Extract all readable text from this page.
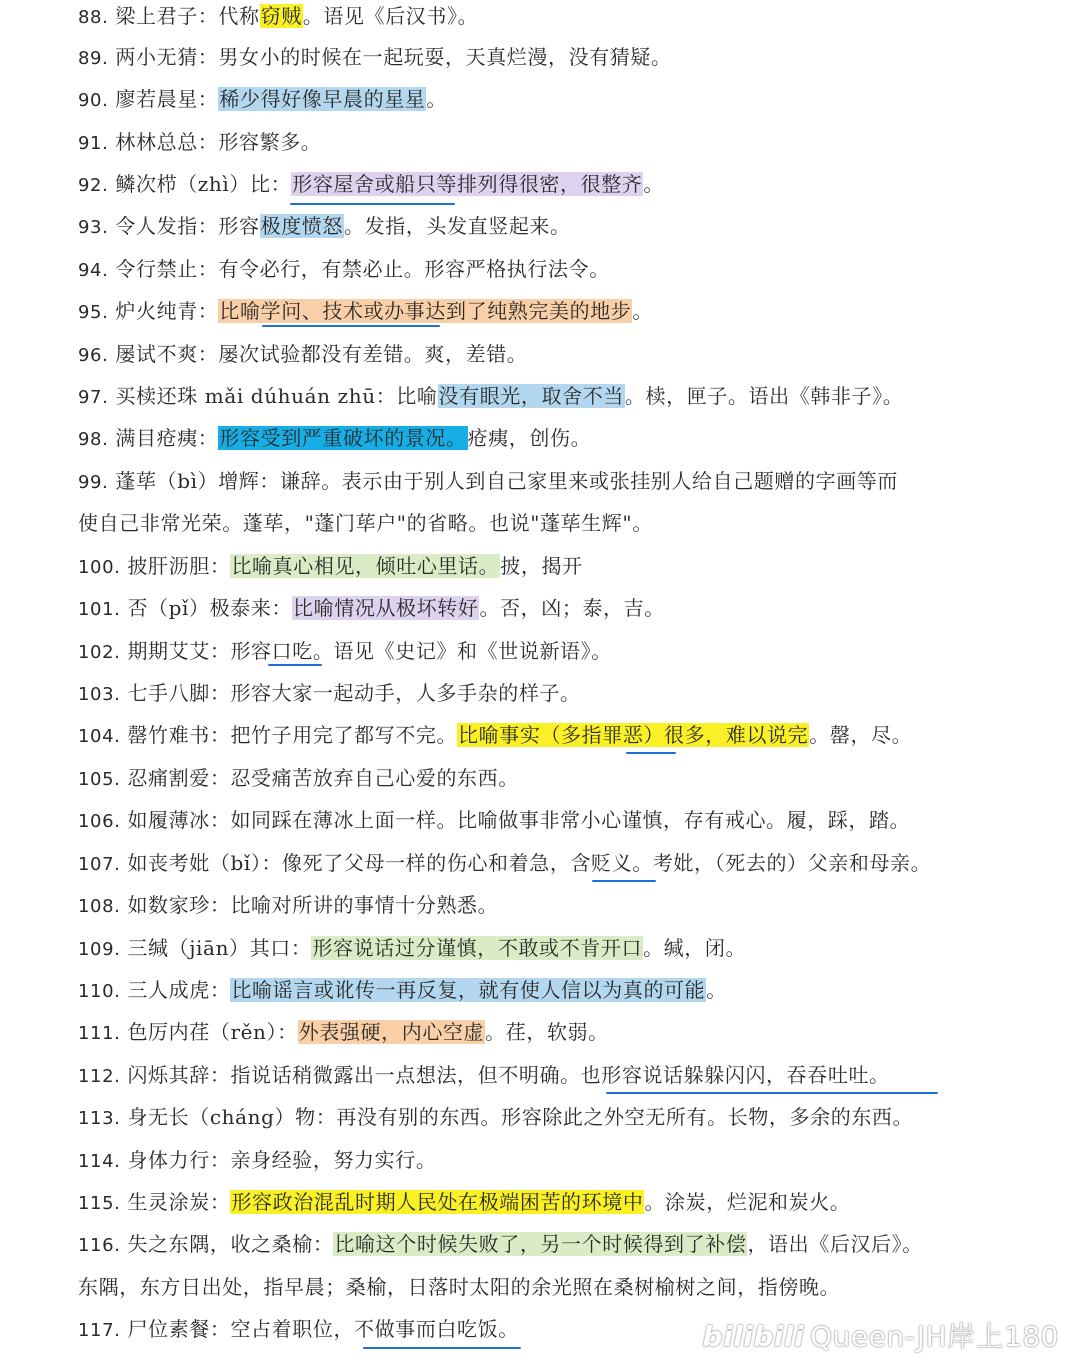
88. 梁上君子：代称窃贼。语见《后汉书》。
89. 两小无猜：男女小的时候在一起玩耍，天真烂漫，没有猜疑。
90. 廖若晨星：稀少得好像早晨的星星。
91. 林林总总：形容繁多。
92. 鳞次栉（zhì）比：形容屋舍或船只等排列得很密，很整齐。
93. 令人发指：形容极度愤怒。发指，头发直竖起来。
94. 令行禁止：有令必行，有禁必止。形容严格执行法令。
95. 炉火纯青：比喻学问、技术或办事达到了纯熟完美的地步。
96. 屡试不爽：屡次试验都没有差错。爽，差错。
97. 买椟还珠 mǎi dúhuán zhū：比喻没有眼光，取舍不当。椟，匣子。语出《韩非子》。
98. 满目疮痍：形容受到严重破坏的景况。疮痍，创伤。
99. 蓬荜（bì）增辉：谦辞。表示由于别人到自己家里来或张挂别人给自己题赠的字画等而
使自己非常光荣。蓬荜，"蓬门荜户"的省略。也说"蓬荜生辉"。
100. 披肝沥胆：比喻真心相见，倾吐心里话。披，揭开
101. 否（pǐ）极泰来：比喻情况从极坏转好。否，凶；泰，吉。
102. 期期艾艾：形容口吃。语见《史记》和《世说新语》。
103. 七手八脚：形容大家一起动手，人多手杂的样子。
104. 罄竹难书：把竹子用完了都写不完。比喻事实（多指罪恶）很多，难以说完。罄，尽。
105. 忍痛割爱：忍受痛苦放弃自己心爱的东西。
106. 如履薄冰：如同踩在薄冰上面一样。比喻做事非常小心谨慎，存有戒心。履，踩，踏。
107. 如丧考妣（bǐ）：像死了父母一样的伤心和着急，含贬义。考妣，（死去的）父亲和母亲。
108. 如数家珍：比喻对所讲的事情十分熟悉。
109. 三缄（jiān）其口：形容说话过分谨慎，不敢或不肯开口。缄，闭。
110. 三人成虎：比喻谣言或讹传一再反复，就有使人信以为真的可能。
111. 色厉内荏（rěn）：外表强硬，内心空虚。荏，软弱。
112. 闪烁其辞：指说话稍微露出一点想法，但不明确。也形容说话躲躲闪闪，吞吞吐吐。
113. 身无长（cháng）物：再没有别的东西。形容除此之外空无所有。长物，多余的东西。
114. 身体力行：亲身经验，努力实行。
115. 生灵涂炭：形容政治混乱时期人民处在极端困苦的环境中。涂炭，烂泥和炭火。
116. 失之东隅，收之桑榆：比喻这个时候失败了，另一个时候得到了补偿，语出《后汉后》。
东隅，东方日出处，指早晨；桑榆，日落时太阳的余光照在桑树榆树之间，指傍晚。
117. 尸位素餐：空占着职位，不做事而白吃饭。	bilibili Queen-JH岸上180
